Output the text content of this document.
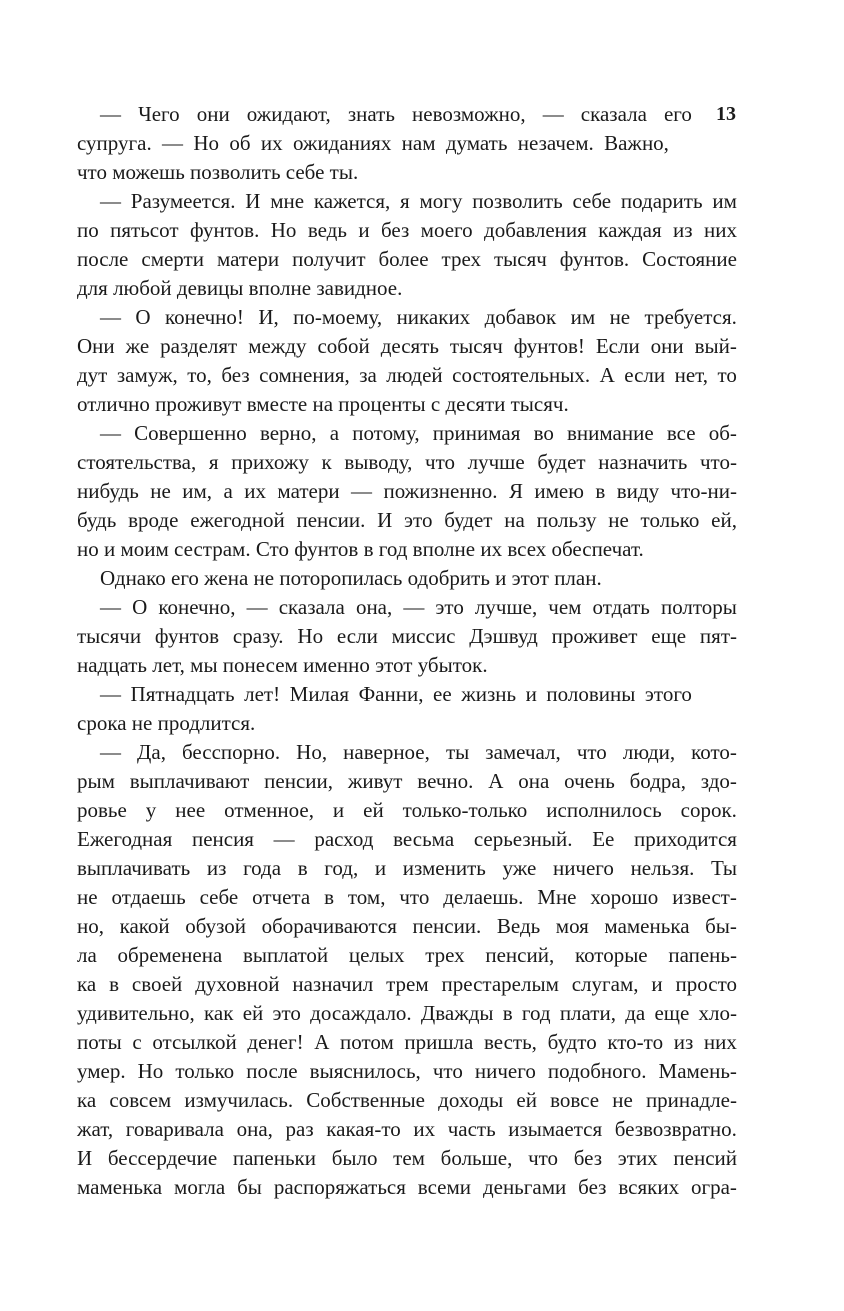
13
— Чего они ожидают, знать невозможно, — сказала его
супруга. — Но об их ожиданиях нам думать незачем. Важно,
что можешь позволить себе ты.
— Разумеется. И мне кажется, я могу позволить себе подарить им
по пятьсот фунтов. Но ведь и без моего добавления каждая из них
после смерти матери получит более трех тысяч фунтов. Состояние
для любой девицы вполне завидное.
— О конечно! И, по-моему, никаких добавок им не требуется.
Они же разделят между собой десять тысяч фунтов! Если они вый-
дут замуж, то, без сомнения, за людей состоятельных. А если нет, то
отлично проживут вместе на проценты с десяти тысяч.
— Совершенно верно, а потому, принимая во внимание все об-
стоятельства, я прихожу к выводу, что лучше будет назначить что-
нибудь не им, а их матери — пожизненно. Я имею в виду что-ни-
будь вроде ежегодной пенсии. И это будет на пользу не только ей,
но и моим сестрам. Сто фунтов в год вполне их всех обеспечат.
Однако его жена не поторопилась одобрить и этот план.
— О конечно, — сказала она, — это лучше, чем отдать полторы
тысячи фунтов сразу. Но если миссис Дэшвуд проживет еще пят-
надцать лет, мы понесем именно этот убыток.
— Пятнадцать лет! Милая Фанни, ее жизнь и половины этого
срока не продлится.
— Да, бесспорно. Но, наверное, ты замечал, что люди, кото-
рым выплачивают пенсии, живут вечно. А она очень бодра, здо-
ровье у нее отменное, и ей только-только исполнилось сорок.
Ежегодная пенсия — расход весьма серьезный. Ее приходится
выплачивать из года в год, и изменить уже ничего нельзя. Ты
не отдаешь себе отчета в том, что делаешь. Мне хорошо извест-
но, какой обузой оборачиваются пенсии. Ведь моя маменька бы-
ла обременена выплатой целых трех пенсий, которые папень-
ка в своей духовной назначил трем престарелым слугам, и просто
удивительно, как ей это досаждало. Дважды в год плати, да еще хло-
поты с отсылкой денег! А потом пришла весть, будто кто-то из них
умер. Но только после выяснилось, что ничего подобного. Мамень-
ка совсем измучилась. Собственные доходы ей вовсе не принадле-
жат, говаривала она, раз какая-то их часть изымается безвозвратно.
И бессердечие папеньки было тем больше, что без этих пенсий
маменька могла бы распоряжаться всеми деньгами без всяких огра-
